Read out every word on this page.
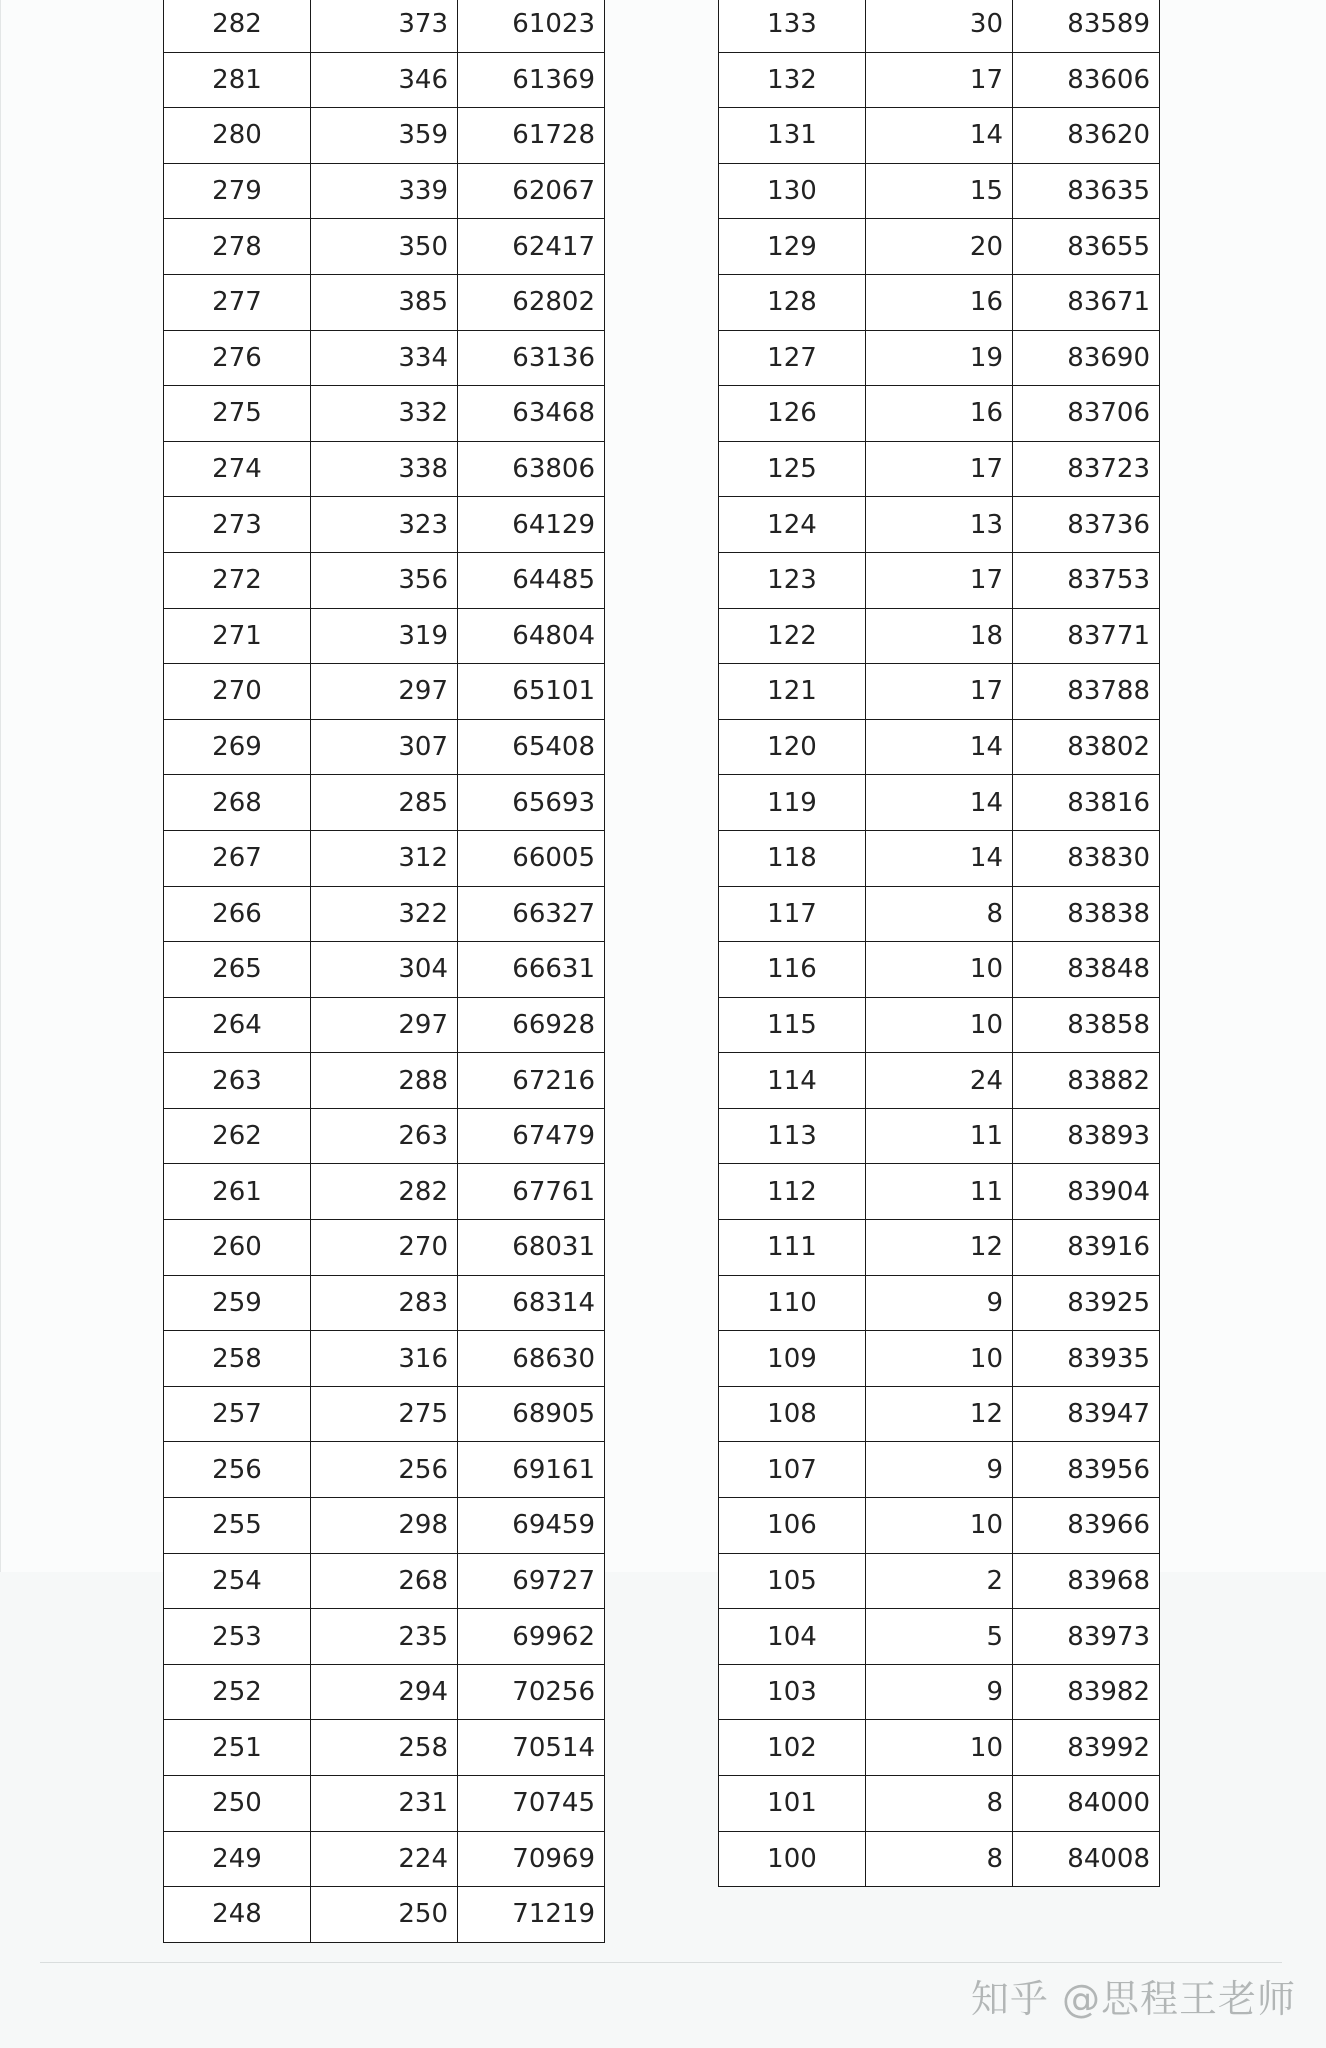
282	373	61023
281	346	61369
280	359	61728
279	339	62067
278	350	62417
277	385	62802
276	334	63136
275	332	63468
274	338	63806
273	323	64129
272	356	64485
271	319	64804
270	297	65101
269	307	65408
268	285	65693
267	312	66005
266	322	66327
265	304	66631
264	297	66928
263	288	67216
262	263	67479
261	282	67761
260	270	68031
259	283	68314
258	316	68630
257	275	68905
256	256	69161
255	298	69459
254	268	69727
253	235	69962
252	294	70256
251	258	70514
250	231	70745
249	224	70969
248	250	71219
133	30	83589
132	17	83606
131	14	83620
130	15	83635
129	20	83655
128	16	83671
127	19	83690
126	16	83706
125	17	83723
124	13	83736
123	17	83753
122	18	83771
121	17	83788
120	14	83802
119	14	83816
118	14	83830
117	8	83838
116	10	83848
115	10	83858
114	24	83882
113	11	83893
112	11	83904
111	12	83916
110	9	83925
109	10	83935
108	12	83947
107	9	83956
106	10	83966
105	2	83968
104	5	83973
103	9	83982
102	10	83992
101	8	84000
100	8	84008
知乎 @思程王老师
